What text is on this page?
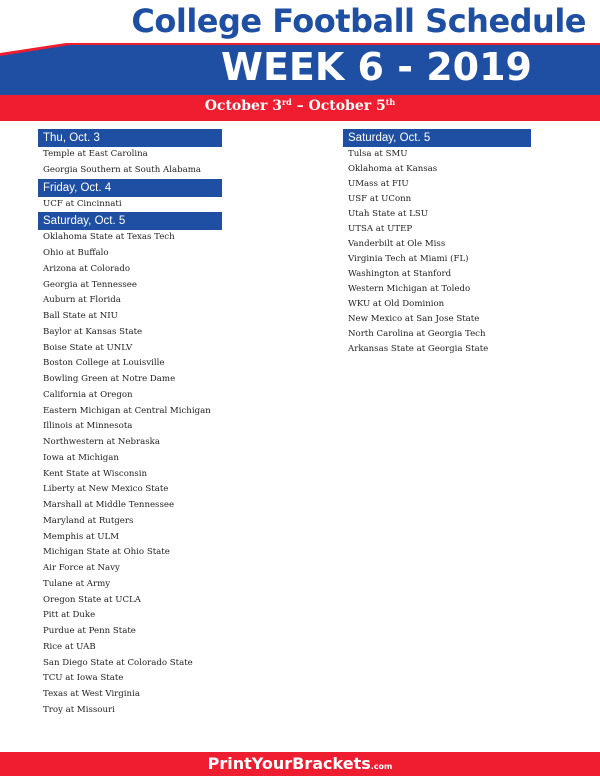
College Football Schedule
WEEK 6 - 2019
October 3rd – October 5th
Thu, Oct. 3
Temple at East Carolina
Georgia Southern at South Alabama
Friday, Oct. 4
UCF at Cincinnati
Saturday, Oct. 5
Oklahoma State at Texas Tech
Ohio at Buffalo
Arizona at Colorado
Georgia at Tennessee
Auburn at Florida
Ball State at NIU
Baylor at Kansas State
Boise State at UNLV
Boston College at Louisville
Bowling Green at Notre Dame
California at Oregon
Eastern Michigan at Central Michigan
Illinois at Minnesota
Northwestern at Nebraska
Iowa at Michigan
Kent State at Wisconsin
Liberty at New Mexico State
Marshall at Middle Tennessee
Maryland at Rutgers
Memphis at ULM
Michigan State at Ohio State
Air Force at Navy
Tulane at Army
Oregon State at UCLA
Pitt at Duke
Purdue at Penn State
Rice at UAB
San Diego State at Colorado State
TCU at Iowa State
Texas at West Virginia
Troy at Missouri
Saturday, Oct. 5
Tulsa at SMU
Oklahoma at Kansas
UMass at FIU
USF at UConn
Utah State at LSU
UTSA at UTEP
Vanderbilt at Ole Miss
Virginia Tech at Miami (FL)
Washington at Stanford
Western Michigan at Toledo
WKU at Old Dominion
New Mexico at San Jose State
North Carolina at Georgia Tech
Arkansas State at Georgia State
PrintYourBrackets.com
